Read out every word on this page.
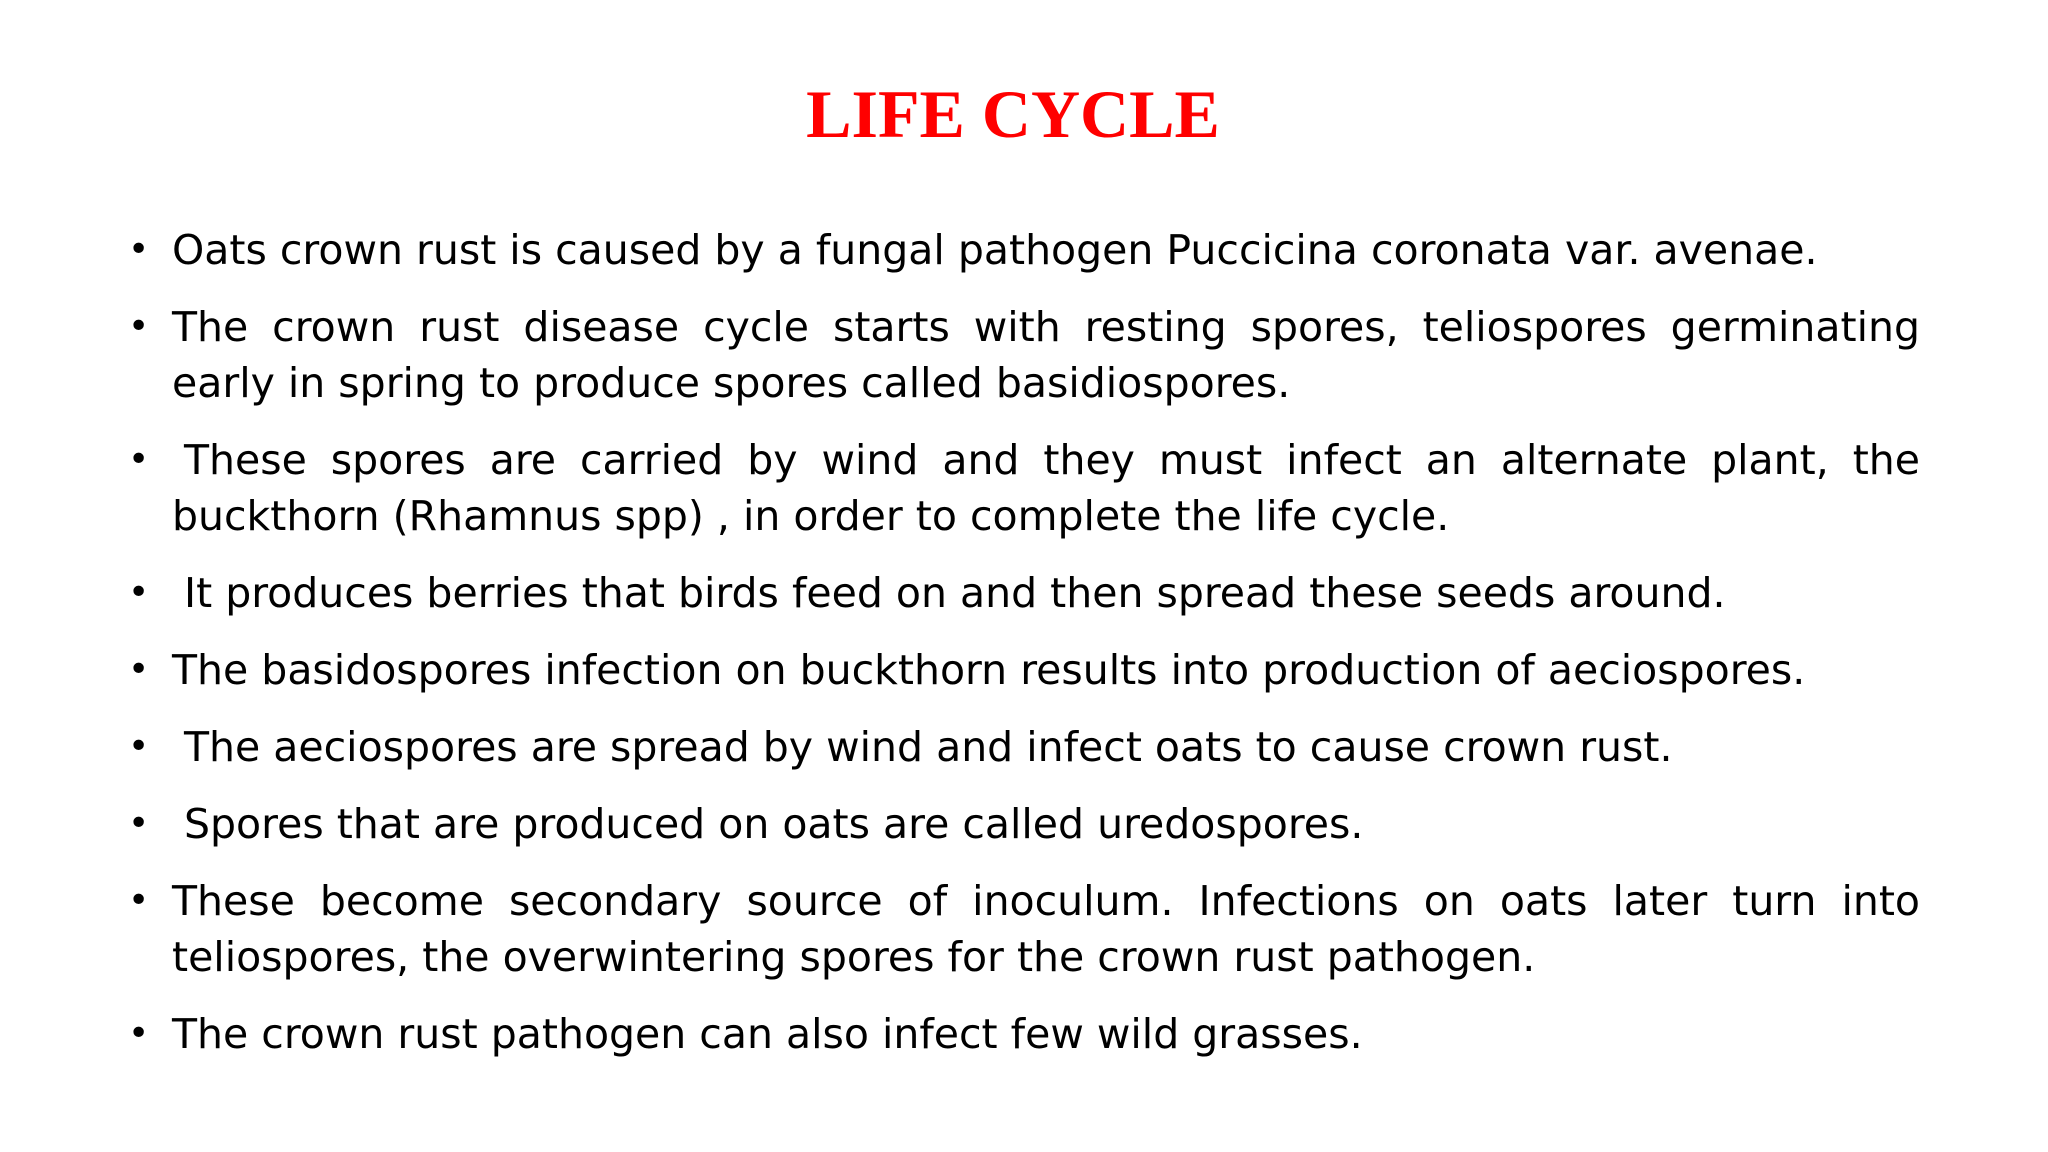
LIFE CYCLE
• Oats crown rust is caused by a fungal pathogen Puccicina coronata var. avenae.
• The crown rust disease cycle starts with resting spores, teliospores germinating early in spring to produce spores called basidiospores.
• These spores are carried by wind and they must infect an alternate plant, the buckthorn (Rhamnus spp) , in order to complete the life cycle.
• It produces berries that birds feed on and then spread these seeds around.
• The basidospores infection on buckthorn results into production of aeciospores.
• The aeciospores are spread by wind and infect oats to cause crown rust.
• Spores that are produced on oats are called uredospores.
• These become secondary source of inoculum. Infections on oats later turn into teliospores, the overwintering spores for the crown rust pathogen.
• The crown rust pathogen can also infect few wild grasses.
